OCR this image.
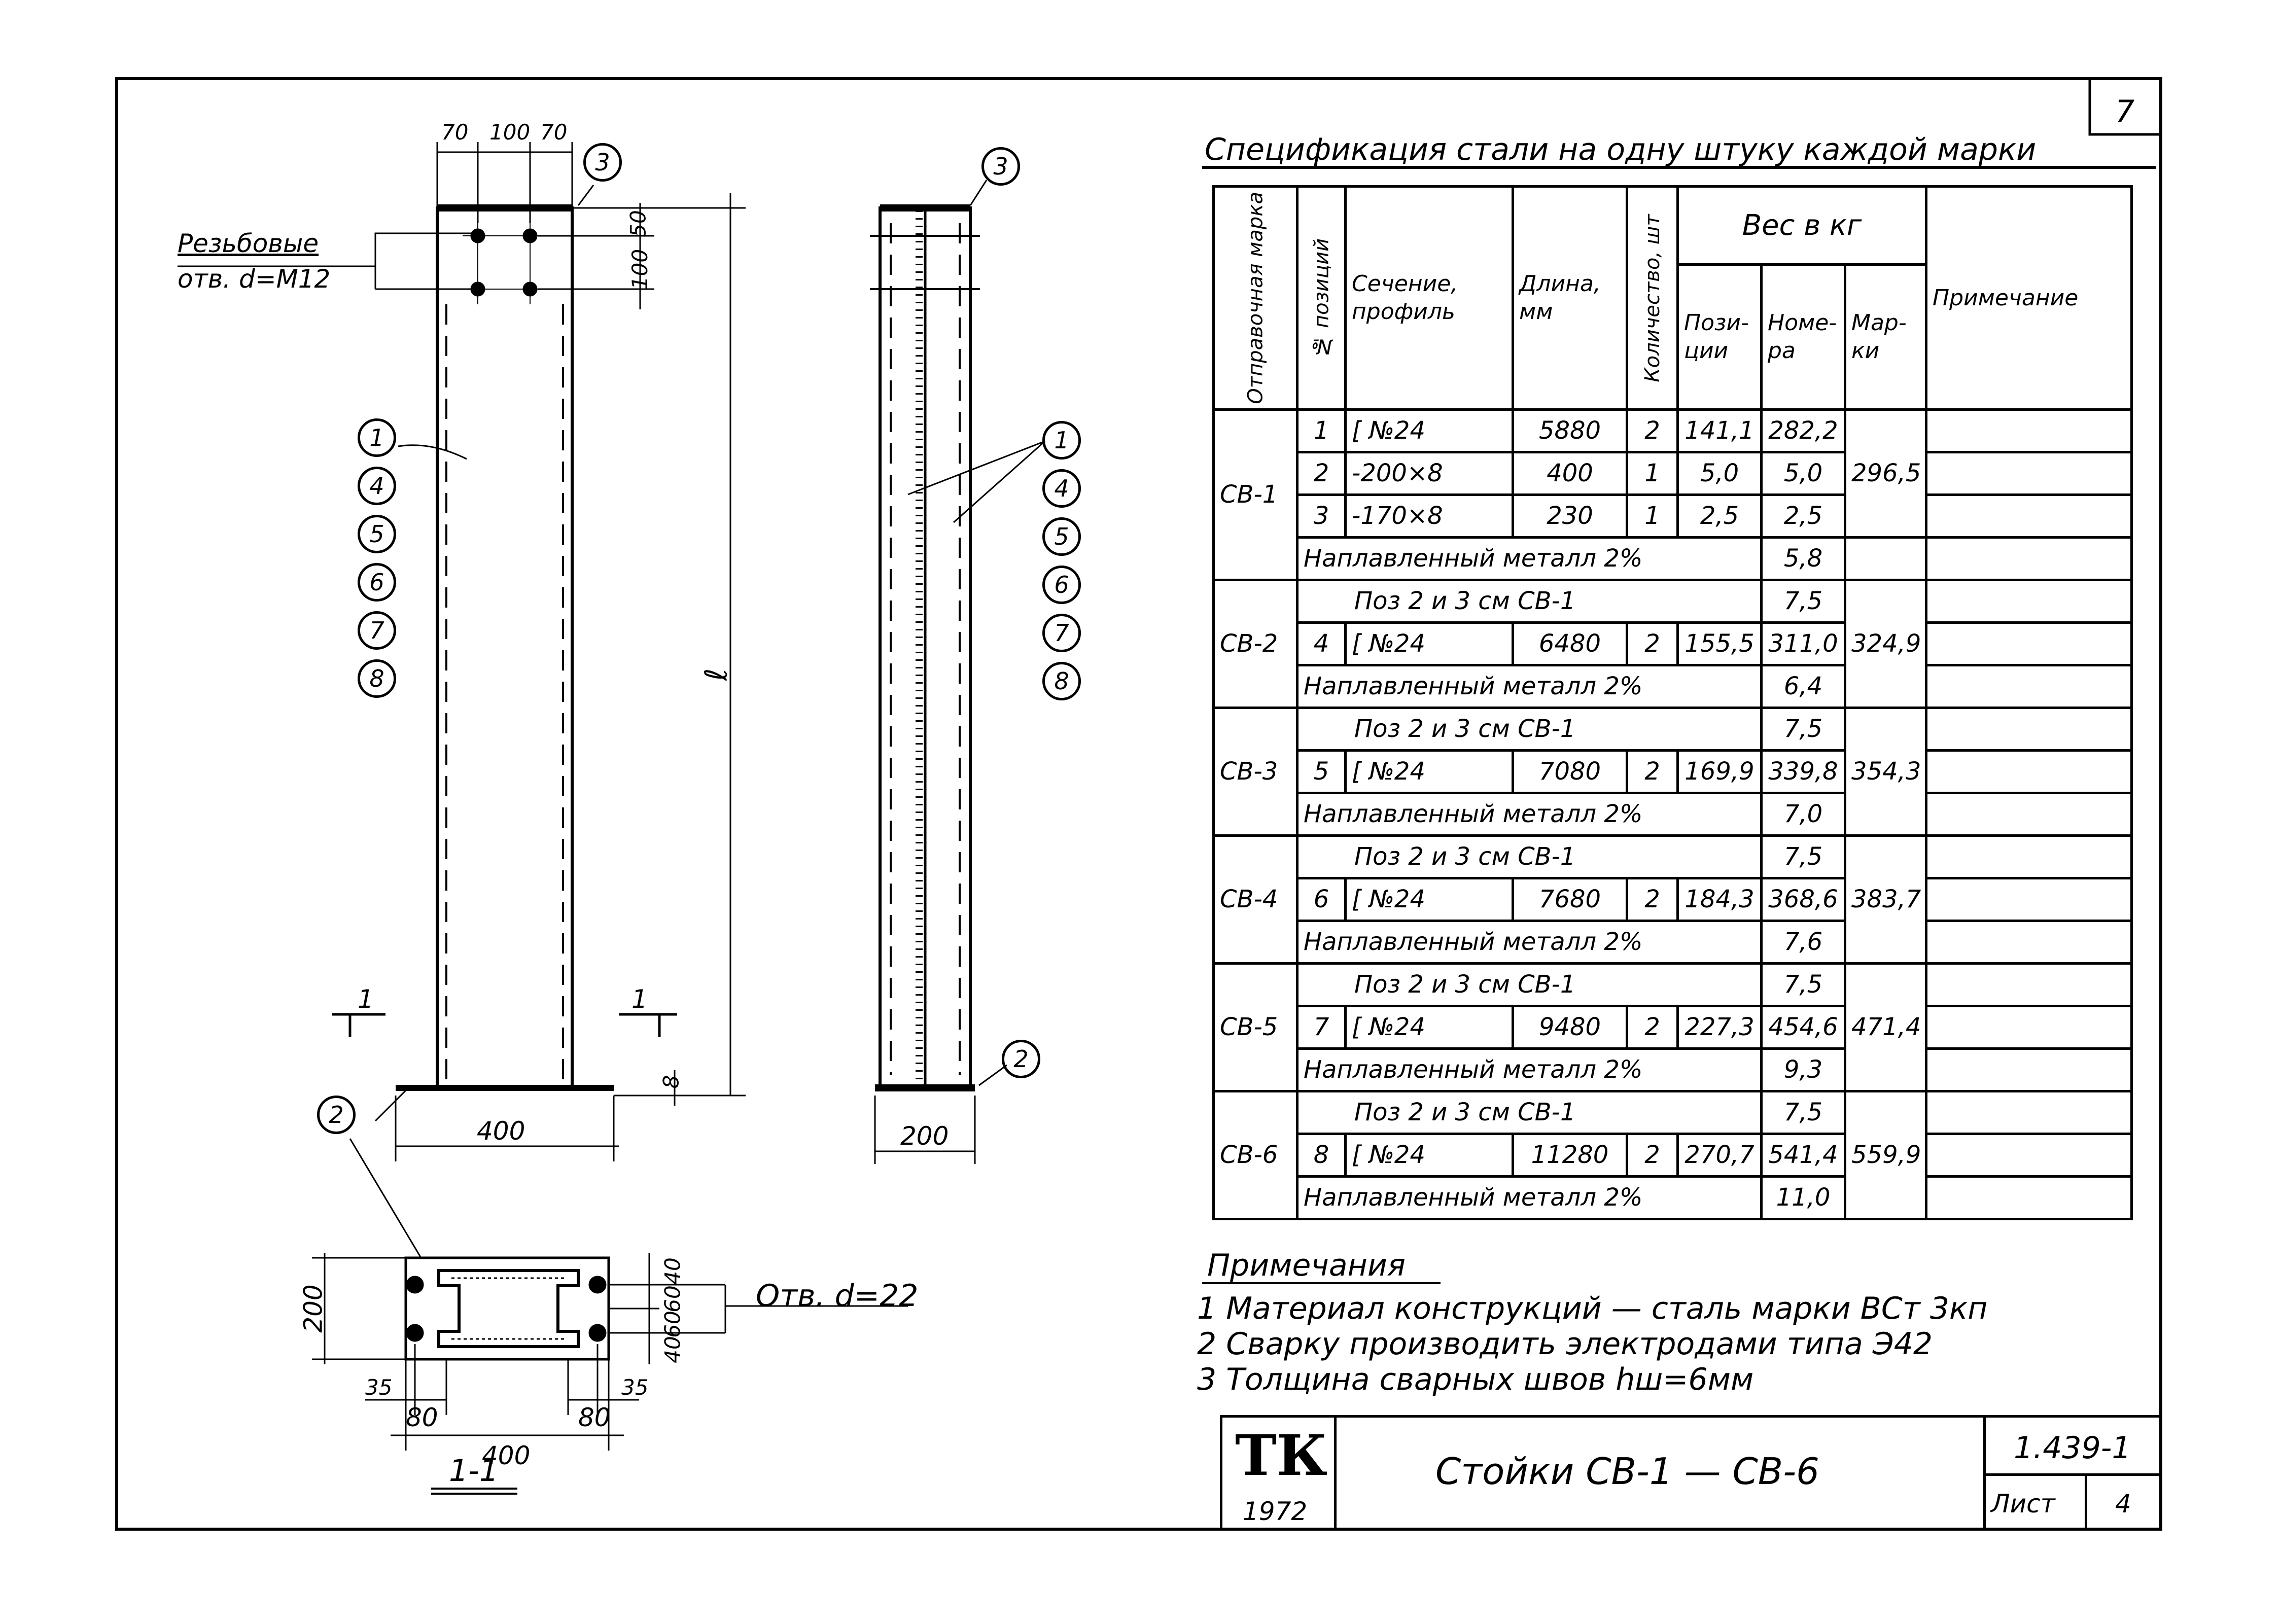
7
70 100 70
50
100
Резьбовые
отв. d=M12
ℓ
8
400	200
1	1
3
2
1
4
5
6
7
8
3
2
1
4
5
6
7
8
200
35	35
80	80
400
40
60
60
40
Отв. d=22
1-1
Спецификация стали на одну штуку каждой марки
Отправочная марка	№ позиций	Сечение, профиль	Длина, мм	Количество, шт	Вес в кг			Примечание
					Пози-ции	Номе-ра	Мар-ки	
СВ-1	1	[ №24	5880	2	141,1	282,2	296,5	
	2	-200×8	400	1	5,0	5,0		
	3	-170×8	230	1	2,5	2,5		
	Наплавленный металл 2%					5,8		
СВ-2	Поз 2 и 3 см СВ-1					7,5	324,9	
	4	[ №24	6480	2	155,5	311,0		
	Наплавленный металл 2%					6,4		
СВ-3	Поз 2 и 3 см СВ-1					7,5	354,3	
	5	[ №24	7080	2	169,9	339,8		
	Наплавленный металл 2%					7,0		
СВ-4	Поз 2 и 3 см СВ-1					7,5	383,7	
	6	[ №24	7680	2	184,3	368,6		
	Наплавленный металл 2%					7,6		
СВ-5	Поз 2 и 3 см СВ-1					7,5	471,4	
	7	[ №24	9480	2	227,3	454,6		
	Наплавленный металл 2%					9,3		
СВ-6	Поз 2 и 3 см СВ-1					7,5	559,9	
	8	[ №24	11280	2	270,7	541,4		
	Наплавленный металл 2%					11,0		
Примечания
1 Материал конструкций — сталь марки ВСт 3кп
2 Сварку производить электродами типа Э42
3 Толщина сварных швов hш=6мм
ТК
1972
Стойки СВ-1 — СВ-6
1.439-1
Лист 4
